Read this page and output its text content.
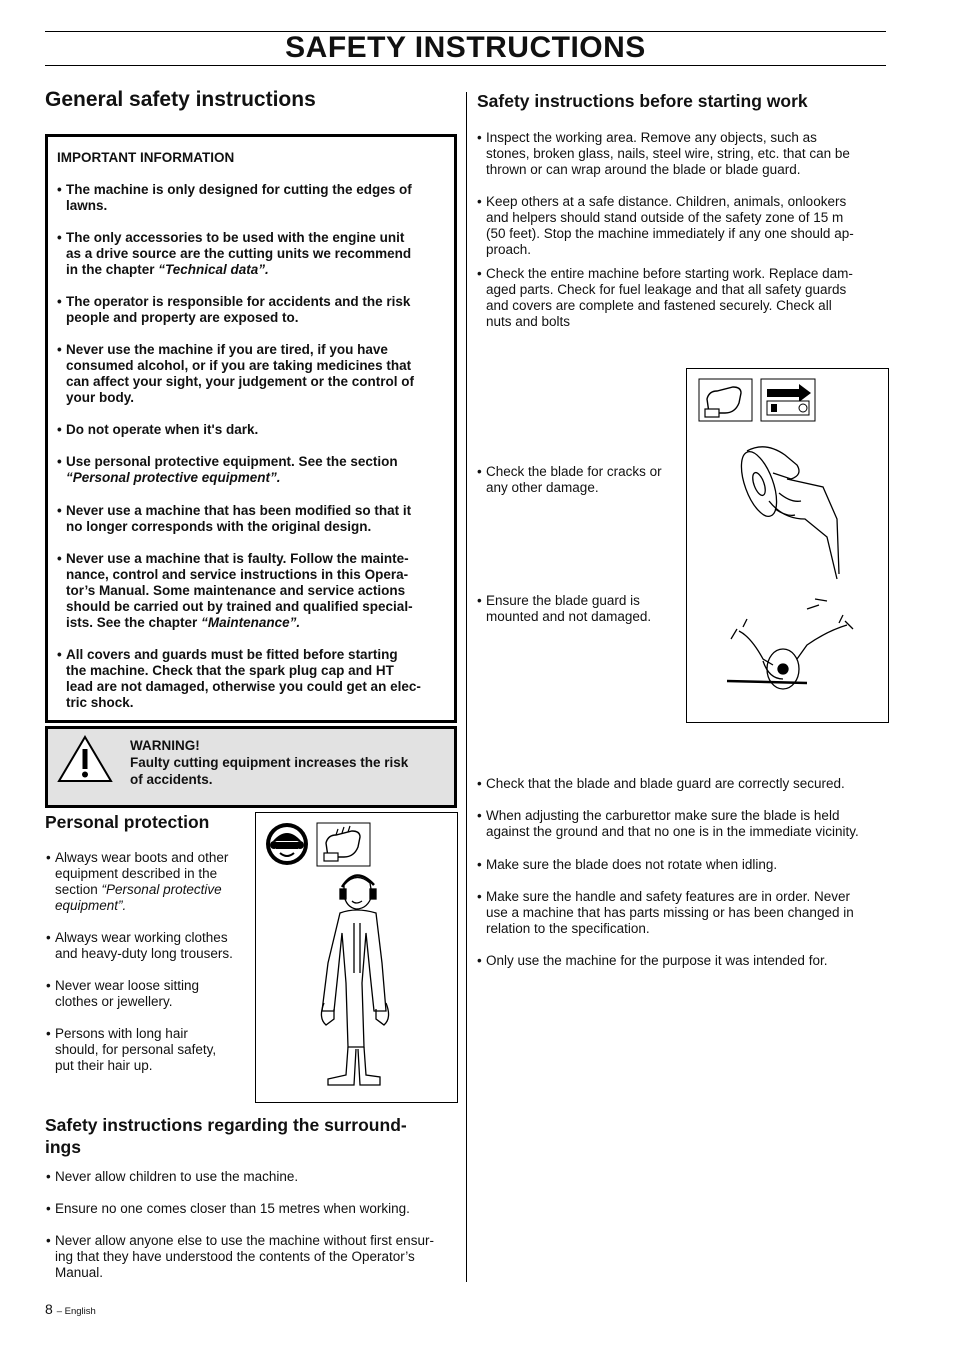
SAFETY INSTRUCTIONS
General safety instructions
IMPORTANT INFORMATION
• The machine is only designed for cutting the edges of
lawns.
• The only accessories to be used with the engine unit
as a drive source are the cutting units we recommend
in the chapter “Technical data”.
• The operator is responsible for accidents and the risk
people and property are exposed to.
• Never use the machine if you are tired, if you have
consumed alcohol, or if you are taking medicines that
can affect your sight, your judgement or the control of
your body.
• Do not operate when it's dark.
• Use personal protective equipment. See the section
“Personal protective equipment”.
• Never use a machine that has been modified so that it
no longer corresponds with the original design.
• Never use a machine that is faulty. Follow the mainte-
nance, control and service instructions in this Opera-
tor’s Manual. Some maintenance and service actions
should be carried out by trained and qualified special-
ists. See the chapter “Maintenance”.
• All covers and guards must be fitted before starting
the machine. Check that the spark plug cap and HT
lead are not damaged, otherwise you could get an elec-
tric shock.
WARNING!
Faulty cutting equipment increases the risk
of accidents.
Personal protection
• Always wear boots and other
equipment described in the
section “Personal protective
equipment”.
• Always wear working clothes
and heavy-duty long trousers.
• Never wear loose sitting
clothes or jewellery.
• Persons with long hair
should, for personal safety,
put their hair up.
Safety instructions regarding the surround-
ings
• Never allow children to use the machine.
• Ensure no one comes closer than 15 metres when working.
• Never allow anyone else to use the machine without first ensur-
ing that they have understood the contents of the Operator’s
Manual.
Safety instructions before starting work
• Inspect the working area. Remove any objects, such as
stones, broken glass, nails, steel wire, string, etc. that can be
thrown or can wrap around the blade or blade guard.
• Keep others at a safe distance. Children, animals, onlookers
and helpers should stand outside of the safety zone of 15 m
(50 feet). Stop the machine immediately if any one should ap-
proach.
• Check the entire machine before starting work. Replace dam-
aged parts. Check for fuel leakage and that all safety guards
and covers are complete and fastened securely. Check all
nuts and bolts
• Check the blade for cracks or
any other damage.
• Ensure the blade guard is
mounted and not damaged.
• Check that the blade and blade guard are correctly secured.
• When adjusting the carburettor make sure the blade is held
against the ground and that no one is in the immediate vicinity.
• Make sure the blade does not rotate when idling.
• Make sure the handle and safety features are in order. Never
use a machine that has parts missing or has been changed in
relation to the specification.
• Only use the machine for the purpose it was intended for.
8 – English
